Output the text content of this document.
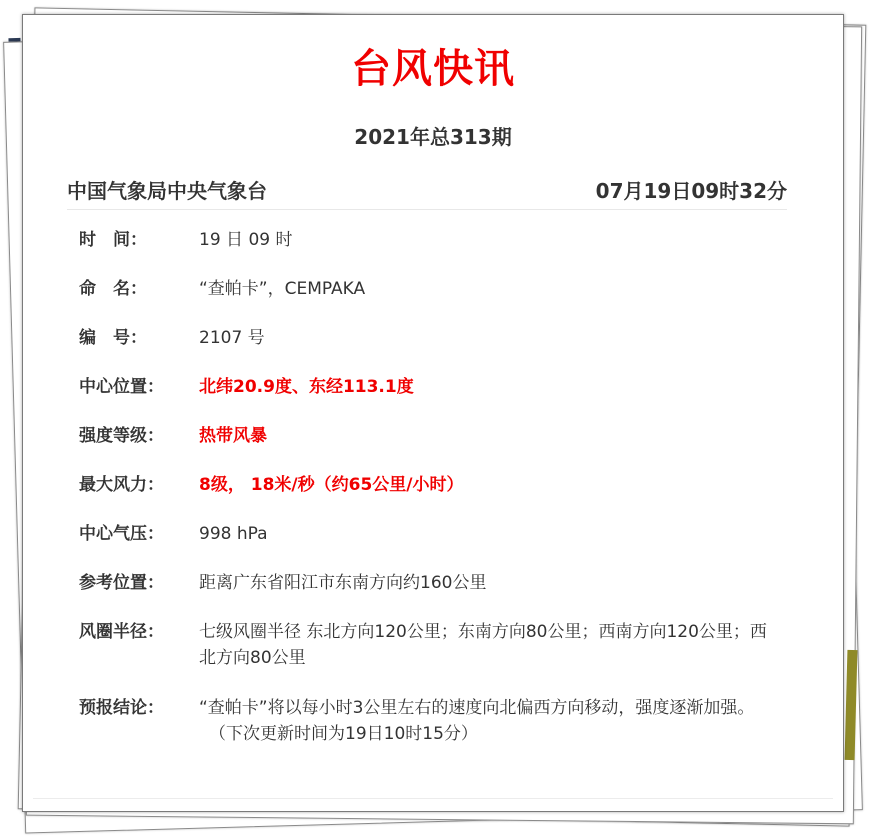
台风快讯
2021年总313期
中国气象局中央气象台	07月19日09时32分
时　间：	19 日 09 时
命　名：	“查帕卡”，CEMPAKA
编　号：	2107 号
中心位置：	北纬20.9度、东经113.1度
强度等级：	热带风暴
最大风力：	8级， 18米/秒（约65公里/小时）
中心气压：	998 hPa
参考位置：	距离广东省阳江市东南方向约160公里
风圈半径：	七级风圈半径 东北方向120公里；东南方向80公里；西南方向120公里；西北方向80公里
预报结论：	“查帕卡”将以每小时3公里左右的速度向北偏西方向移动，强度逐渐加强。
（下次更新时间为19日10时15分）
